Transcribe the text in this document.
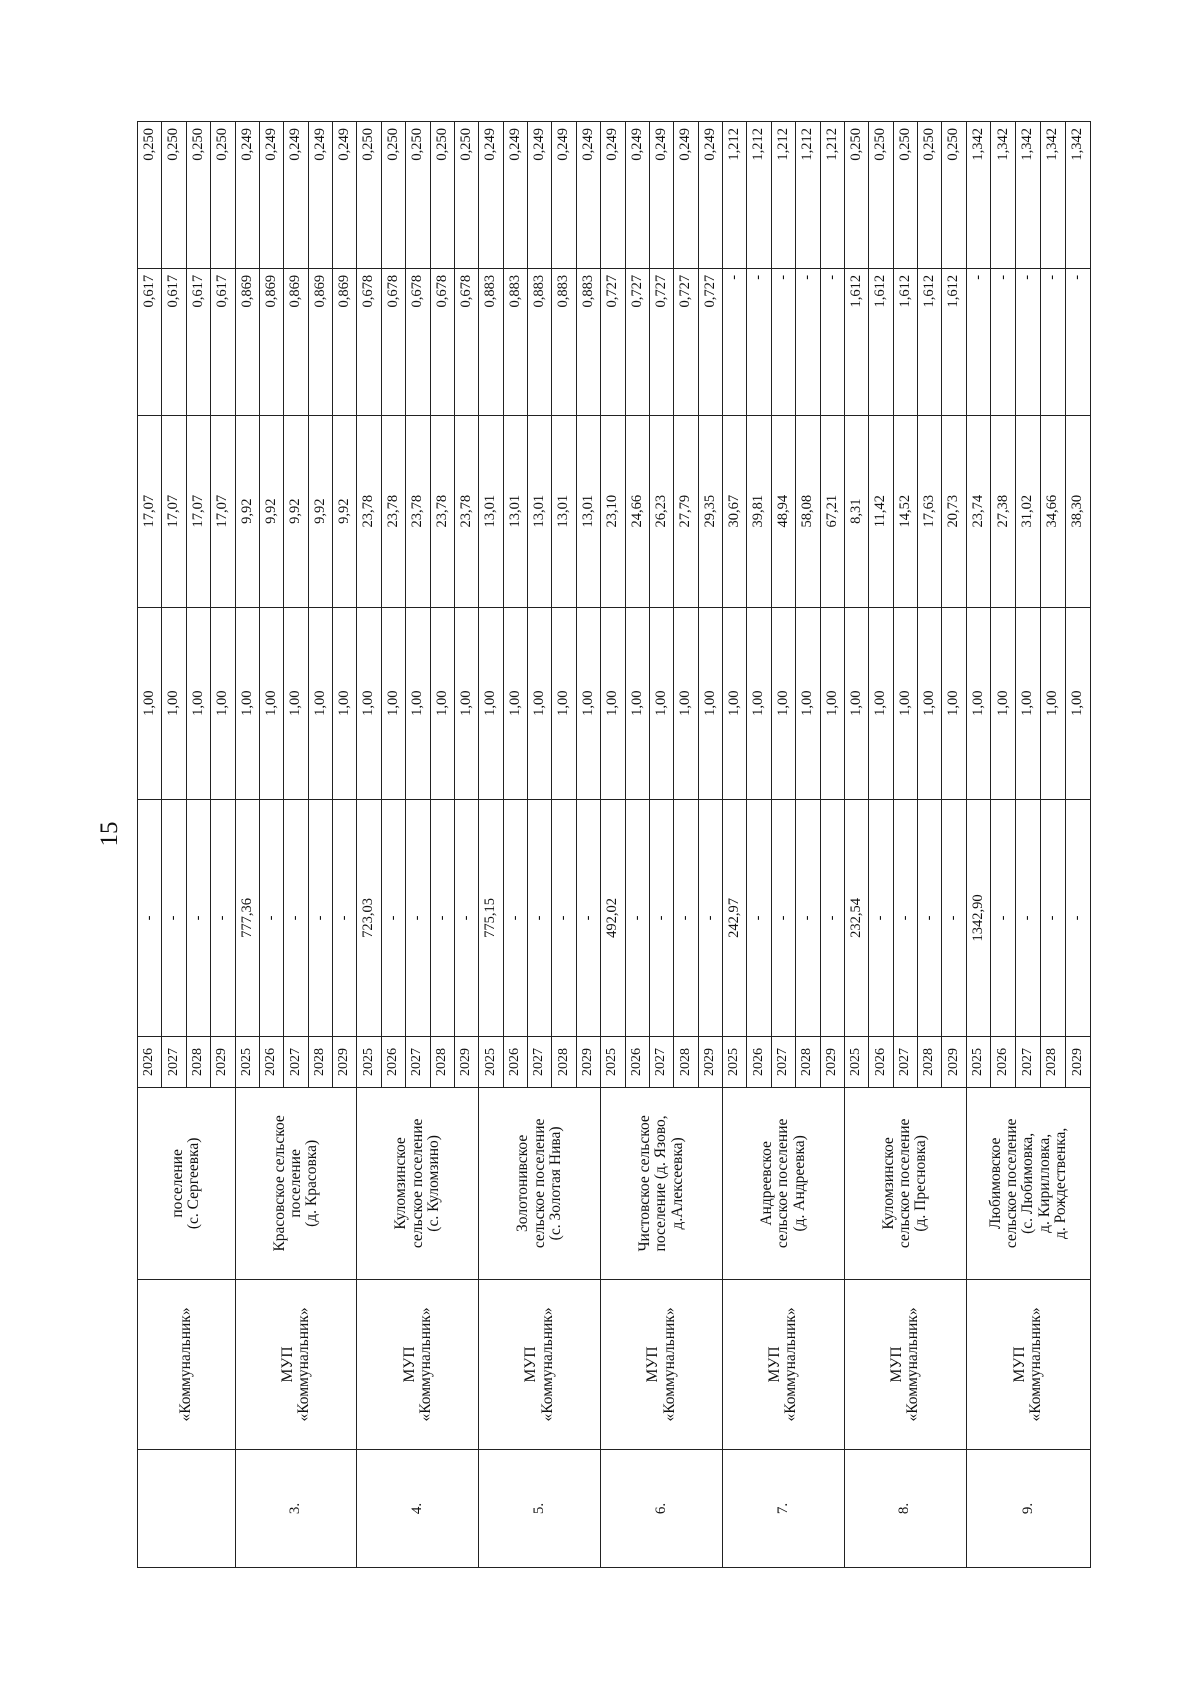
15

	«Коммунальник»	поселение (с. Сергеевка)	2026	-	1,00	17,07	0,617	0,250
			2027	-	1,00	17,07	0,617	0,250
			2028	-	1,00	17,07	0,617	0,250
			2029	-	1,00	17,07	0,617	0,250
3.	МУП «Коммунальник»	Красовское сельское поселение (д. Красовка)	2025	777,36	1,00	9,92	0,869	0,249
			2026	-	1,00	9,92	0,869	0,249
			2027	-	1,00	9,92	0,869	0,249
			2028	-	1,00	9,92	0,869	0,249
			2029	-	1,00	9,92	0,869	0,249
4.	МУП «Коммунальник»	Куломзинское сельское поселение (с. Куломзино)	2025	723,03	1,00	23,78	0,678	0,250
			2026	-	1,00	23,78	0,678	0,250
			2027	-	1,00	23,78	0,678	0,250
			2028	-	1,00	23,78	0,678	0,250
			2029	-	1,00	23,78	0,678	0,250
5.	МУП «Коммунальник»	Золотонивское сельское поселение (с. Золотая Нива)	2025	775,15	1,00	13,01	0,883	0,249
			2026	-	1,00	13,01	0,883	0,249
			2027	-	1,00	13,01	0,883	0,249
			2028	-	1,00	13,01	0,883	0,249
			2029	-	1,00	13,01	0,883	0,249
6.	МУП «Коммунальник»	Чистовское сельское поселение (д. Язово, д.Алексеевка)	2025	492,02	1,00	23,10	0,727	0,249
			2026	-	1,00	24,66	0,727	0,249
			2027	-	1,00	26,23	0,727	0,249
			2028	-	1,00	27,79	0,727	0,249
			2029	-	1,00	29,35	0,727	0,249
7.	МУП «Коммунальник»	Андреевское сельское поселение (д. Андреевка)	2025	242,97	1,00	30,67	-	1,212
			2026	-	1,00	39,81	-	1,212
			2027	-	1,00	48,94	-	1,212
			2028	-	1,00	58,08	-	1,212
			2029	-	1,00	67,21	-	1,212
8.	МУП «Коммунальник»	Куломзинское сельское поселение (д. Пресновка)	2025	232,54	1,00	8,31	1,612	0,250
			2026	-	1,00	11,42	1,612	0,250
			2027	-	1,00	14,52	1,612	0,250
			2028	-	1,00	17,63	1,612	0,250
			2029	-	1,00	20,73	1,612	0,250
9.	МУП «Коммунальник»	Любимовское сельское поселение (с. Любимовка, д. Кирилловка, д. Рождественка,	2025	1342,90	1,00	23,74	-	1,342
			2026	-	1,00	27,38	-	1,342
			2027	-	1,00	31,02	-	1,342
			2028	-	1,00	34,66	-	1,342
			2029	-	1,00	38,30	-	1,342
